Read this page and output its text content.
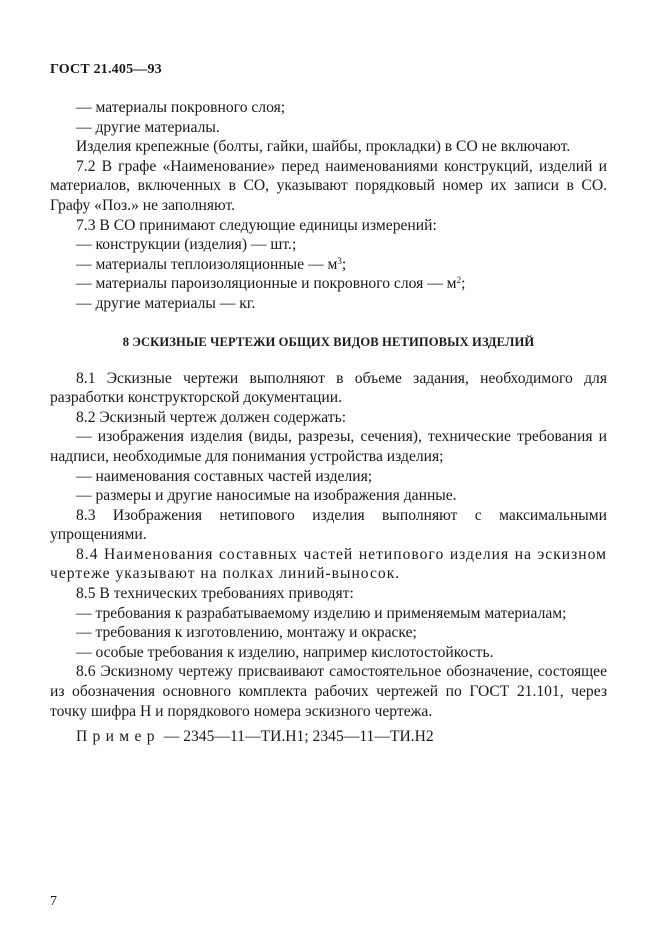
ГОСТ 21.405—93

— материалы покровного слоя;

— другие материалы.

Изделия крепежные (болты, гайки, шайбы, прокладки) в СО не включают.

7.2 В графе «Наименование» перед наименованиями конструкций, изделий и материалов, включенных в СО, указывают порядковый номер их записи в СО. Графу «Поз.» не заполняют.

7.3 В СО принимают следующие единицы измерений:

— конструкции (изделия) — шт.;

— материалы теплоизоляционные — $м^3$;

— материалы пароизоляционные и покровного слоя — $м^2$;

— другие материалы — кг.

8 ЭСКИЗНЫЕ ЧЕРТЕЖИ ОБЩИХ ВИДОВ НЕТИПОВЫХ ИЗДЕЛИЙ

8.1 Эскизные чертежи выполняют в объеме задания, необходимого для разработки конструкторской документации.

8.2 Эскизный чертеж должен содержать:

— изображения изделия (виды, разрезы, сечения), технические требования и надписи, необходимые для понимания устройства изделия;

— наименования составных частей изделия;

— размеры и другие наносимые на изображения данные.

8.3 Изображения нетипового изделия выполняют с максимальными упрощениями.

8.4 Наименования составных частей нетипового изделия на эскизном чертеже указывают на полках линий-выносок.

8.5 В технических требованиях приводят:

— требования к разрабатываемому изделию и применяемым материалам;

— требования к изготовлению, монтажу и окраске;

— особые требования к изделию, например кислотостойкость.

8.6 Эскизному чертежу присваивают самостоятельное обозначение, состоящее из обозначения основного комплекта рабочих чертежей по ГОСТ 21.101, через точку шифра Н и порядкового номера эскизного чертежа.

Пример — 2345—11—ТИ.Н1; 2345—11—ТИ.Н2

7
